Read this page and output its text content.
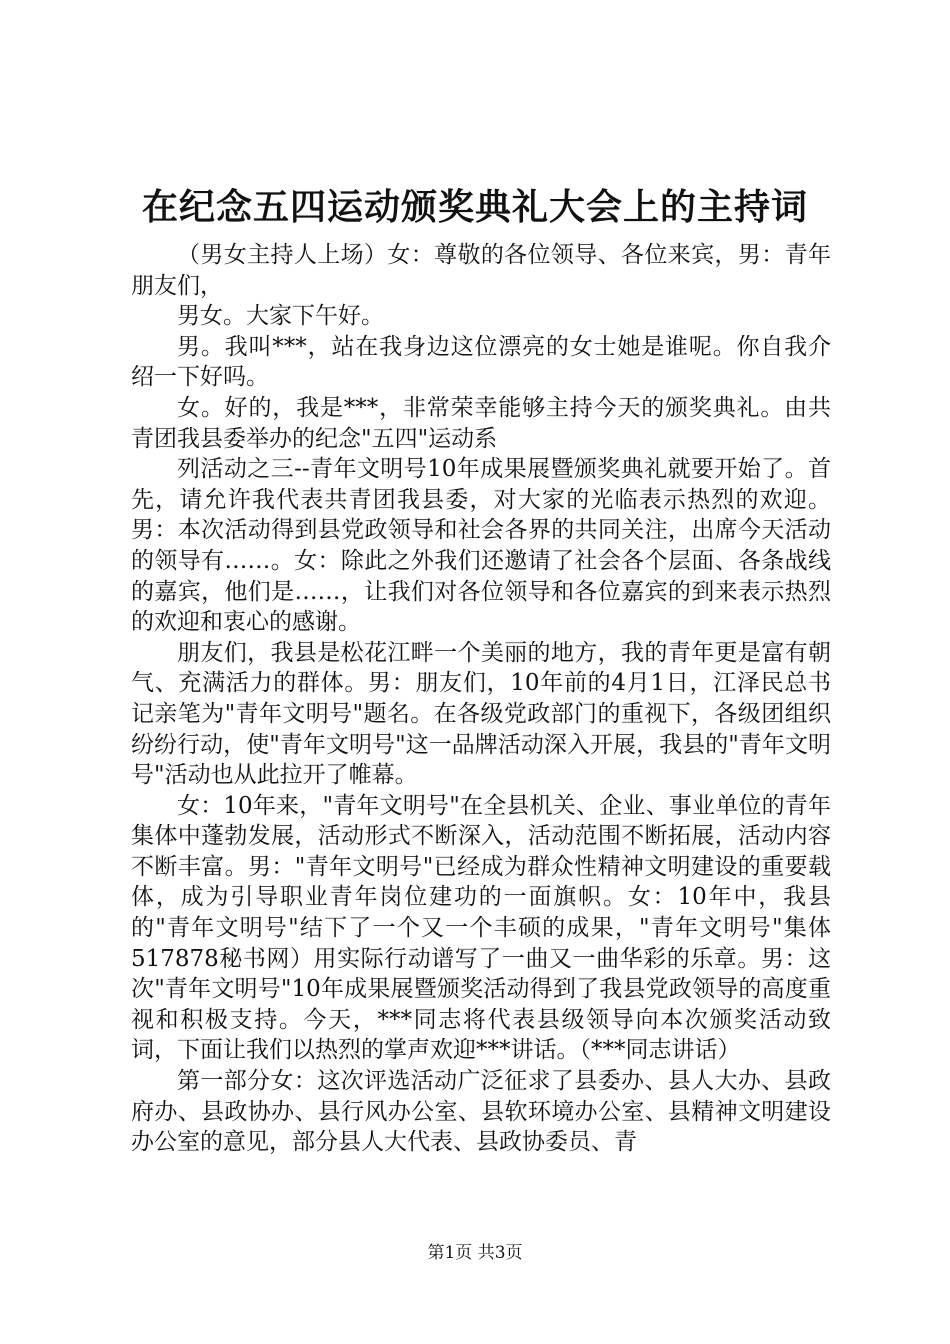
在纪念五四运动颁奖典礼大会上的主持词

（男女主持人上场）女：尊敬的各位领导、各位来宾，男：青年朋友们，

男女。大家下午好。

男。我叫***，站在我身边这位漂亮的女士她是谁呢。你自我介绍一下好吗。

女。好的，我是***，非常荣幸能够主持今天的颁奖典礼。由共青团我县委举办的纪念"五四"运动系

列活动之三--青年文明号10年成果展暨颁奖典礼就要开始了。首先，请允许我代表共青团我县委，对大家的光临表示热烈的欢迎。男：本次活动得到县党政领导和社会各界的共同关注，出席今天活动的领导有……。女：除此之外我们还邀请了社会各个层面、各条战线的嘉宾，他们是……，让我们对各位领导和各位嘉宾的到来表示热烈的欢迎和衷心的感谢。

朋友们，我县是松花江畔一个美丽的地方，我的青年更是富有朝气、充满活力的群体。男：朋友们，10年前的4月1日，江泽民总书记亲笔为"青年文明号"题名。在各级党政部门的重视下，各级团组织纷纷行动，使"青年文明号"这一品牌活动深入开展，我县的"青年文明号"活动也从此拉开了帷幕。

女：10年来，"青年文明号"在全县机关、企业、事业单位的青年集体中蓬勃发展，活动形式不断深入，活动范围不断拓展，活动内容不断丰富。男："青年文明号"已经成为群众性精神文明建设的重要载体，成为引导职业青年岗位建功的一面旗帜。女：10年中，我县的"青年文明号"结下了一个又一个丰硕的成果，"青年文明号"集体517878秘书网）用实际行动谱写了一曲又一曲华彩的乐章。男：这次"青年文明号"10年成果展暨颁奖活动得到了我县党政领导的高度重视和积极支持。今天，***同志将代表县级领导向本次颁奖活动致词，下面让我们以热烈的掌声欢迎***讲话。（***同志讲话）

第一部分女：这次评选活动广泛征求了县委办、县人大办、县政府办、县政协办、县行风办公室、县软环境办公室、县精神文明建设办公室的意见，部分县人大代表、县政协委员、青

第1页 共3页
